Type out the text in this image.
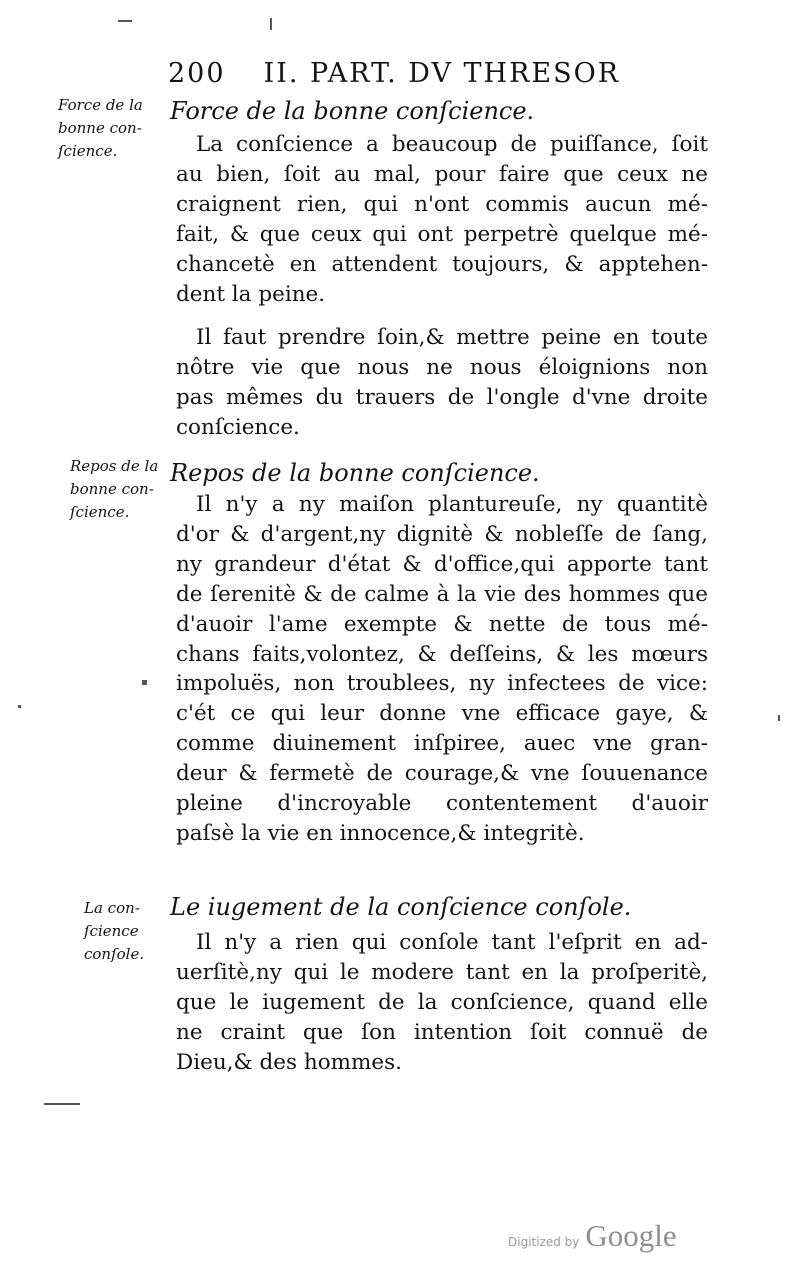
200 II. PART. DV THRESOR
Force de la
bonne con-
ſcience.
Repos de la
bonne con-
ſcience.
La con-
ſcience
conſole.
Force de la bonne conſcience.
La conſcience a beaucoup de puiſſance, ſoit
au bien, ſoit au mal, pour faire que ceux ne
craignent rien, qui n'ont commis aucun mé-
fait, & que ceux qui ont perpetrè quelque mé-
chancetè en attendent toujours, & apptehen-
dent la peine.
Il faut prendre ſoin,& mettre peine en toute
nôtre vie que nous ne nous éloignions non
pas mêmes du trauers de l'ongle d'vne droite
conſcience.
Repos de la bonne conſcience.
Il n'y a ny maiſon plantureuſe, ny quantitè
d'or & d'argent,ny dignitè & nobleſſe de ſang,
ny grandeur d'état & d'office,qui apporte tant
de ſerenitè & de calme à la vie des hommes que
d'auoir l'ame exempte & nette de tous mé-
chans faits,volontez, & deſſeins, & les mœurs
impoluës, non troublees, ny infectees de vice:
c'ét ce qui leur donne vne efficace gaye, &
comme diuinement inſpiree, auec vne gran-
deur & fermetè de courage,& vne ſouuenance
pleine d'incroyable contentement d'auoir
paſsè la vie en innocence,& integritè.
Le iugement de la conſcience conſole.
Il n'y a rien qui conſole tant l'eſprit en ad-
uerſitè,ny qui le modere tant en la proſperitè,
que le iugement de la conſcience, quand elle
ne craint que ſon intention ſoit connuë de
Dieu,& des hommes.
Digitized by Google
